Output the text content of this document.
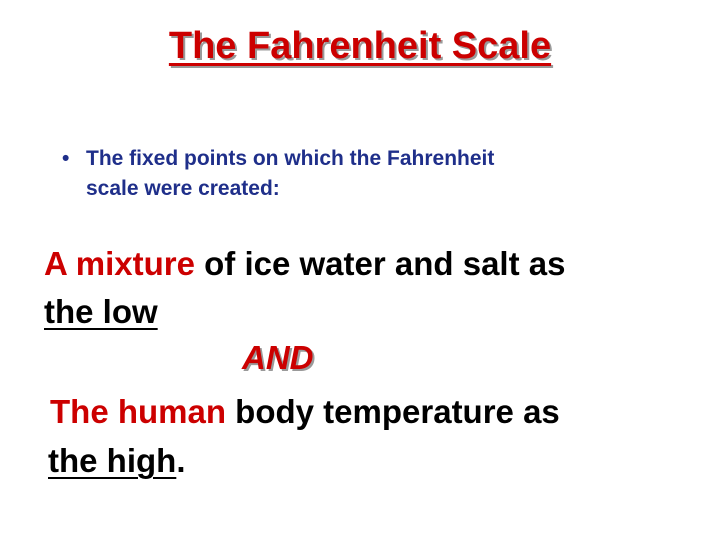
The Fahrenheit Scale
• The fixed points on which the Fahrenheit
scale were created:
A mixture of ice water and salt as
the low
AND
The human body temperature as
the high.
